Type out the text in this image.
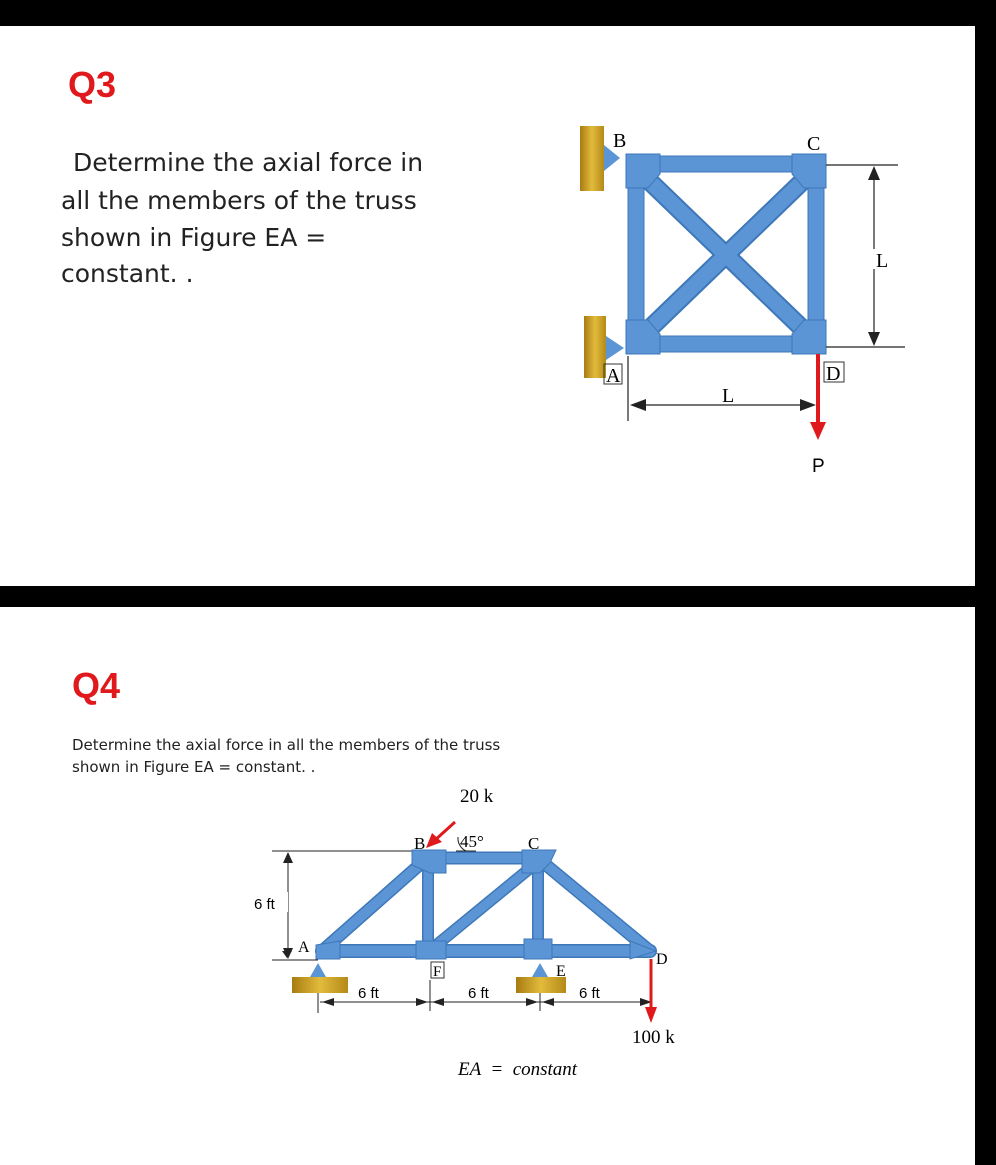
Q3
Determine the axial force in
all the members of the truss
shown in Figure EA =
constant. .
B	C
A	D
L
L
P
Q4
Determine the axial force in all the members of the truss
shown in Figure EA = constant. .
6 ft
A
B	C
D
E
F
6 ft	6 ft	6 ft
20 k
45°
100 k
EA  =  constant
